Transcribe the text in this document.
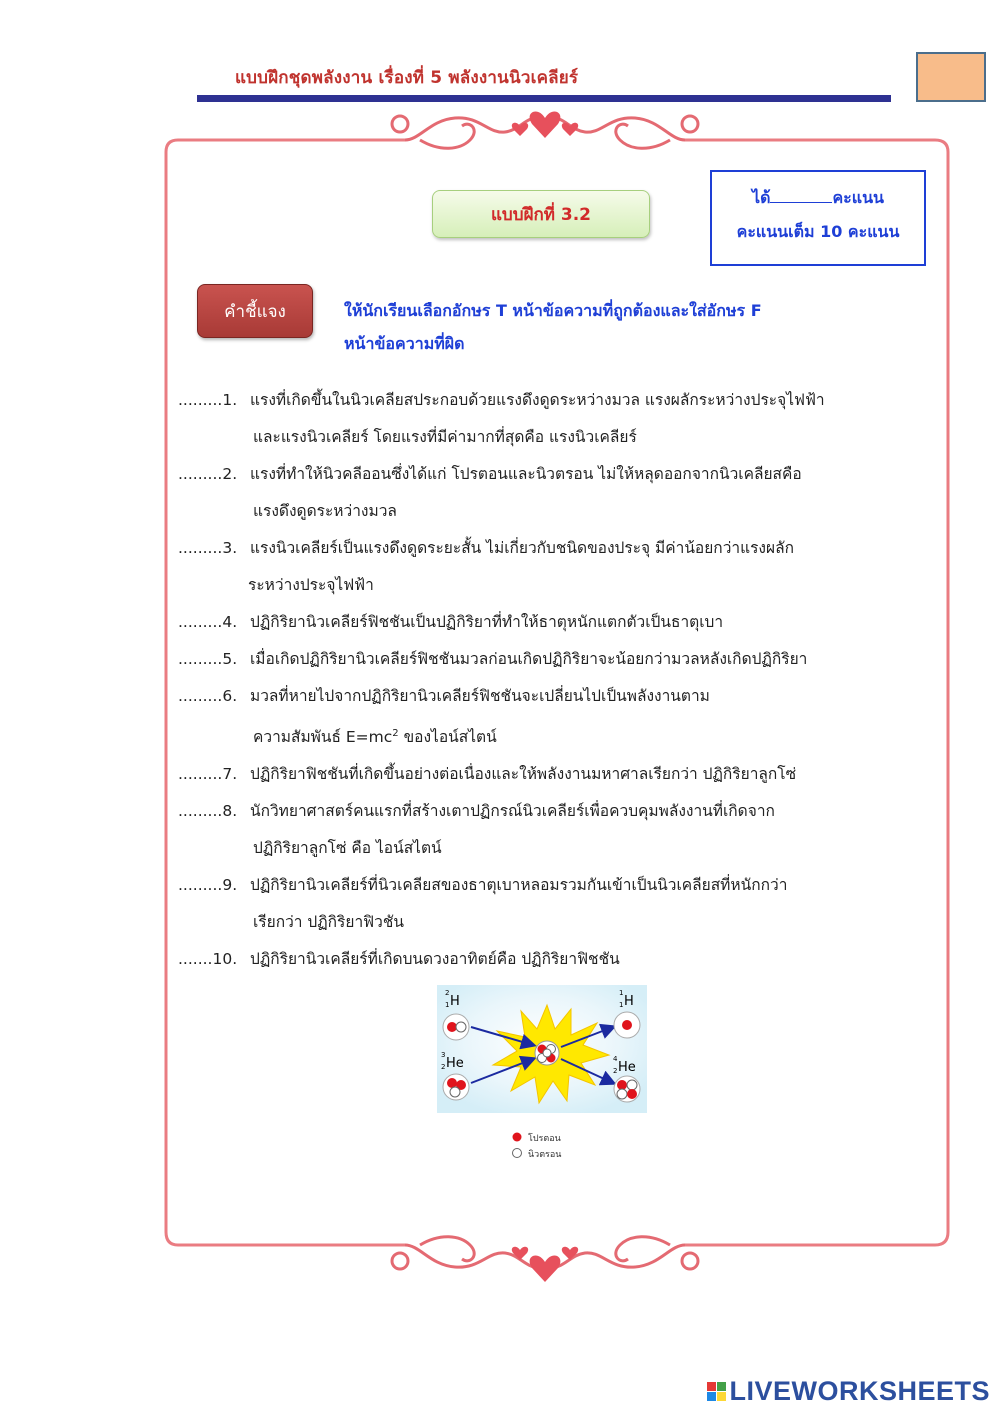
แบบฝึกชุดพลังงาน เรื่องที่ 5 พลังงานนิวเคลียร์
แบบฝึกที่ 3.2
ได้	คะแนน
คะแนนเต็ม 10 คะแนน
คำชี้แจง	ให้นักเรียนเลือกอักษร T หน้าข้อความที่ถูกต้องและใส่อักษร F
หน้าข้อความที่ผิด
.........1. แรงที่เกิดขึ้นในนิวเคลียสประกอบด้วยแรงดึงดูดระหว่างมวล แรงผลักระหว่างประจุไฟฟ้า
และแรงนิวเคลียร์ โดยแรงที่มีค่ามากที่สุดคือ แรงนิวเคลียร์
.........2. แรงที่ทำให้นิวคลีออนซึ่งได้แก่ โปรตอนและนิวตรอน ไม่ให้หลุดออกจากนิวเคลียสคือ
แรงดึงดูดระหว่างมวล
.........3. แรงนิวเคลียร์เป็นแรงดึงดูดระยะสั้น ไม่เกี่ยวกับชนิดของประจุ มีค่าน้อยกว่าแรงผลัก
ระหว่างประจุไฟฟ้า
.........4. ปฏิกิริยานิวเคลียร์ฟิชชันเป็นปฏิกิริยาที่ทำให้ธาตุหนักแตกตัวเป็นธาตุเบา
.........5. เมื่อเกิดปฏิกิริยานิวเคลียร์ฟิชชันมวลก่อนเกิดปฏิกิริยาจะน้อยกว่ามวลหลังเกิดปฏิกิริยา
.........6. มวลที่หายไปจากปฏิกิริยานิวเคลียร์ฟิชชันจะเปลี่ยนไปเป็นพลังงานตาม
ความสัมพันธ์ $E=mc^2$ ของไอน์สไตน์
.........7. ปฏิกิริยาฟิชชันที่เกิดขึ้นอย่างต่อเนื่องและให้พลังงานมหาศาลเรียกว่า ปฏิกิริยาลูกโซ่
.........8. นักวิทยาศาสตร์คนแรกที่สร้างเตาปฏิกรณ์นิวเคลียร์เพื่อควบคุมพลังงานที่เกิดจาก
ปฏิกิริยาลูกโซ่ คือ ไอน์สไตน์
.........9. ปฏิกิริยานิวเคลียร์ที่นิวเคลียสของธาตุเบาหลอมรวมกันเข้าเป็นนิวเคลียสที่หนักกว่า
เรียกว่า ปฏิกิริยาฟิวชัน
.......10. ปฏิกิริยานิวเคลียร์ที่เกิดบนดวงอาทิตย์คือ ปฏิกิริยาฟิชชัน
2
1 H
3
2 He
1
1 H
4
2 He
โปรตอน
นิวตรอน
LIVEWORKSHEETS
